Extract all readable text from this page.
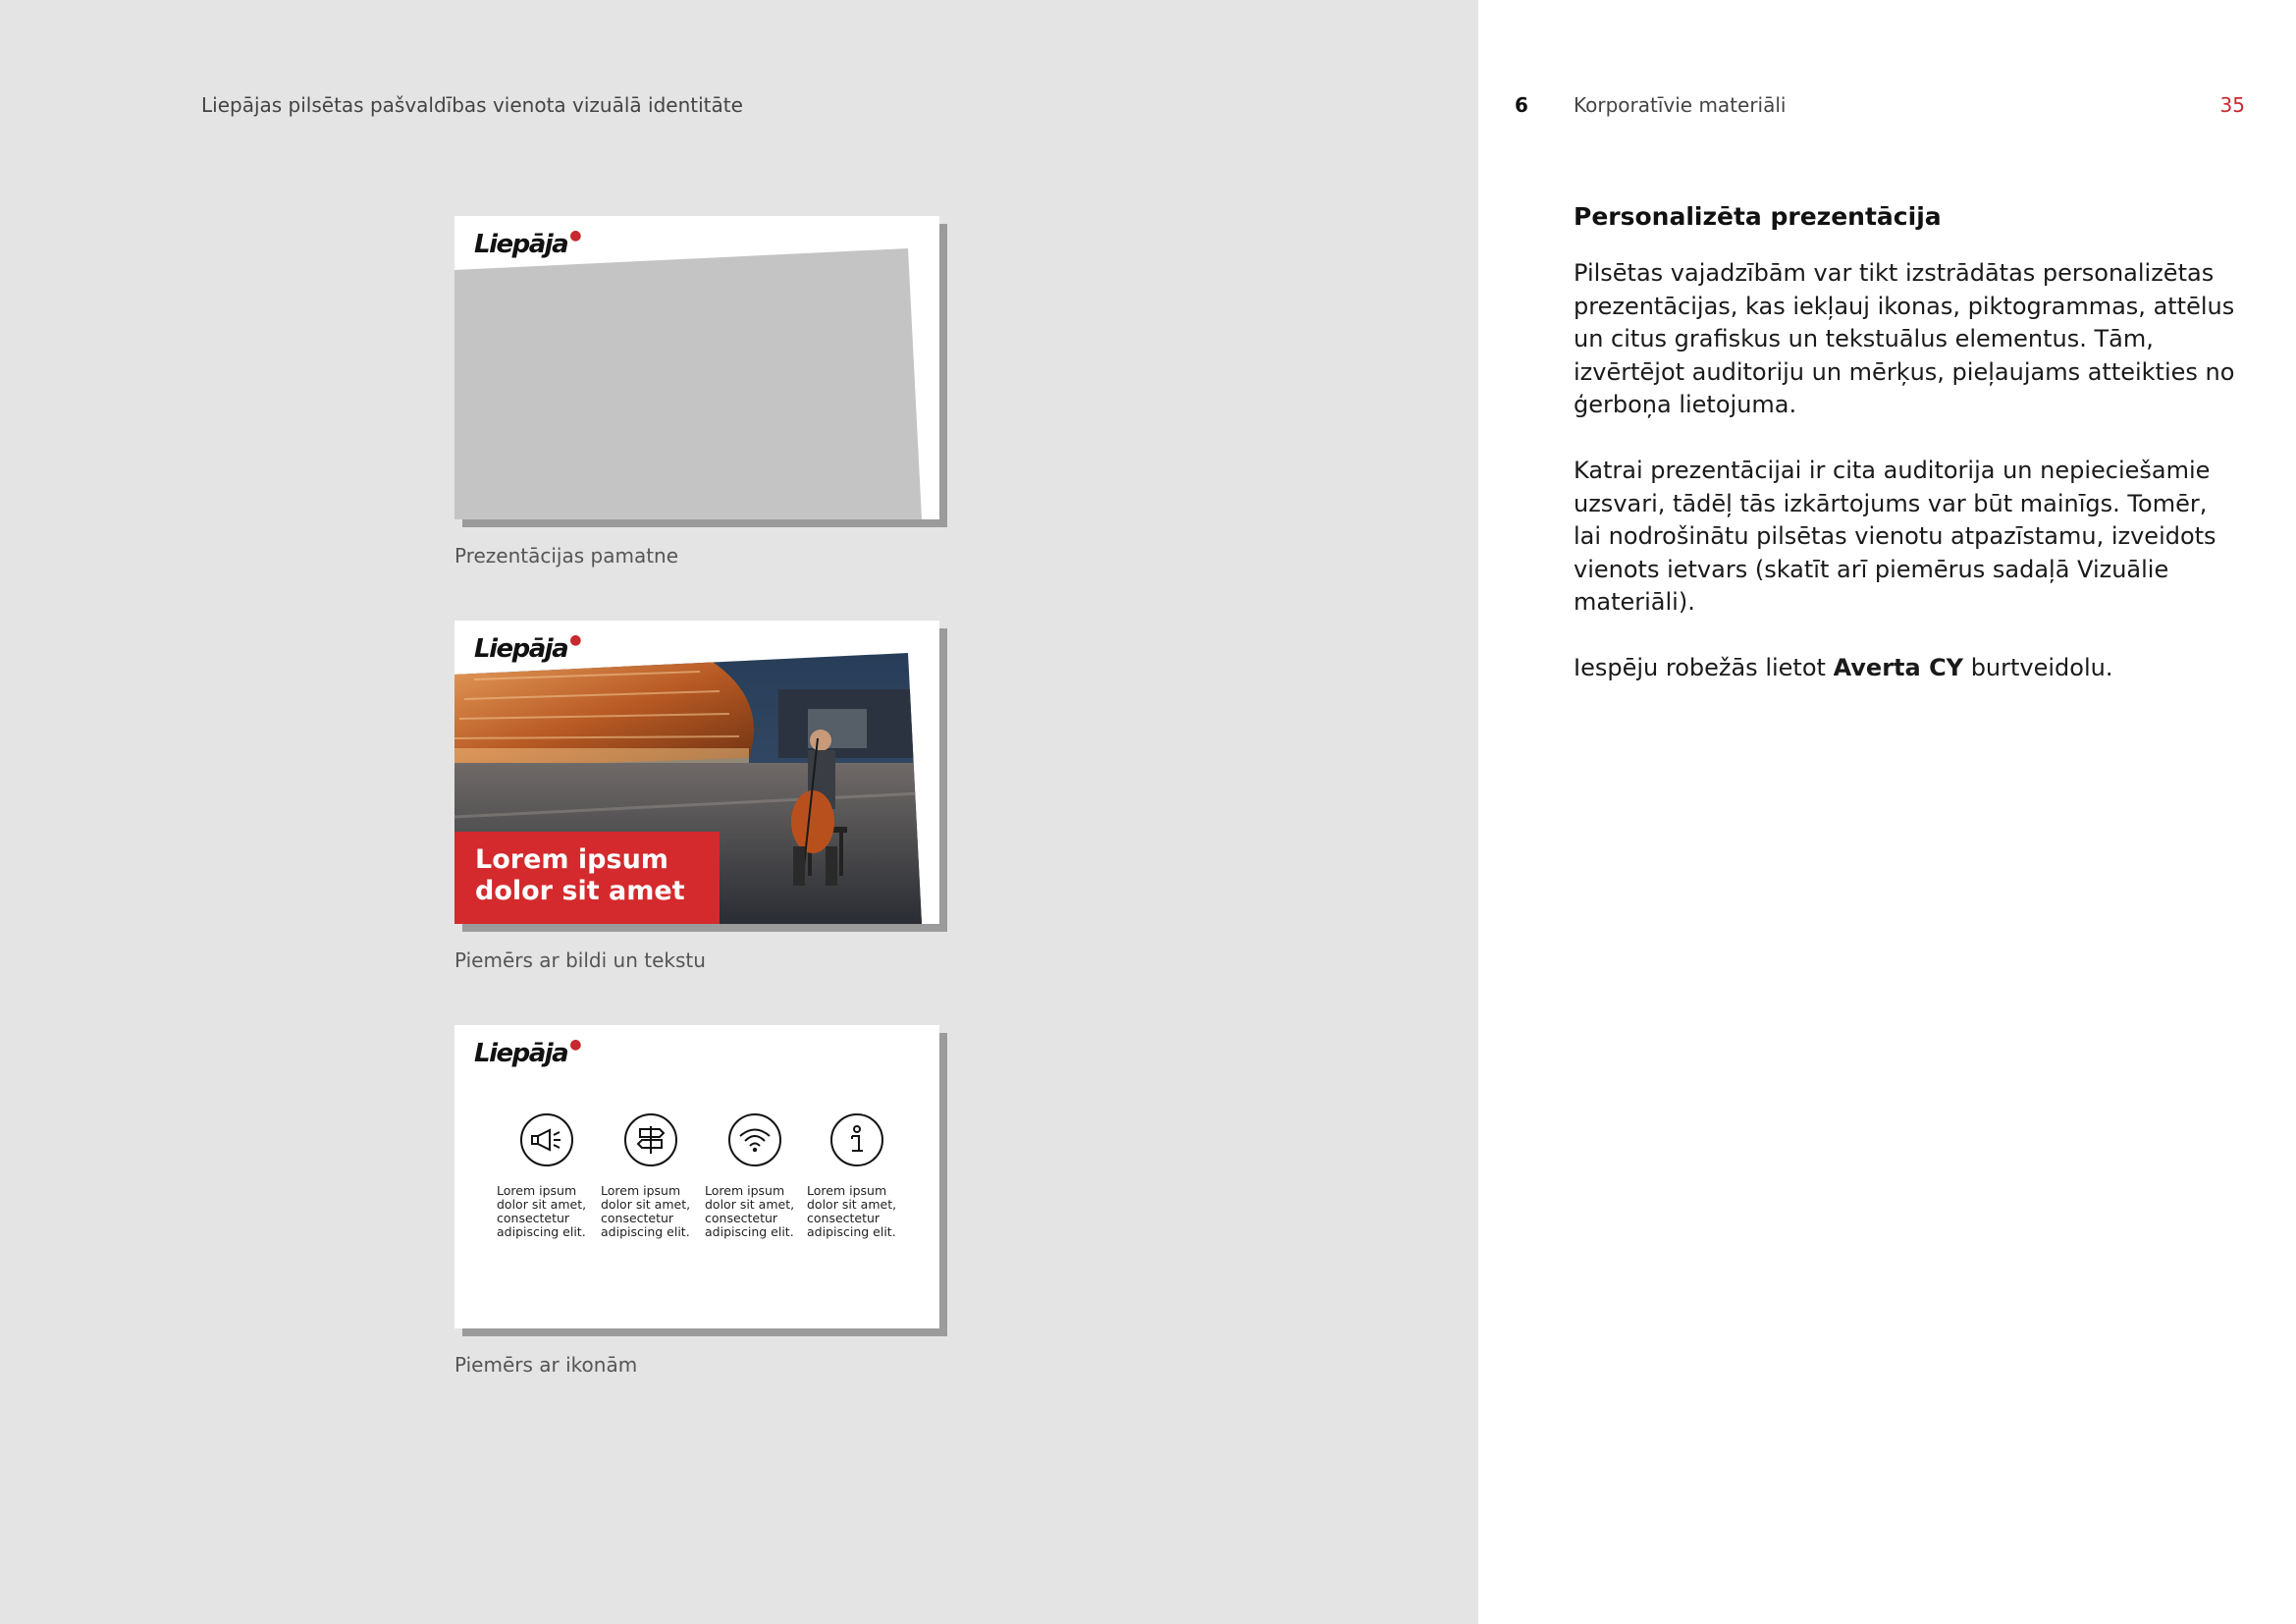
Liepājas pilsētas pašvaldības vienota vizuālā identitāte	6 Korporatīvie materiāli	35
Liepāja ●
Prezentācijas pamatne
Liepāja ●
Lorem ipsum
dolor sit amet
Piemērs ar bildi un tekstu
Liepāja ●
Lorem ipsum
dolor sit amet,
consectetur
adipiscing elit.
Lorem ipsum
dolor sit amet,
consectetur
adipiscing elit.
Lorem ipsum
dolor sit amet,
consectetur
adipiscing elit.
Lorem ipsum
dolor sit amet,
consectetur
adipiscing elit.
Piemērs ar ikonām
Personalizēta prezentācija

Pilsētas vajadzībām var tikt izstrādātas personalizētas prezentācijas, kas iekļauj ikonas, piktogrammas, attēlus un citus grafiskus un tekstuālus elementus. Tām, izvērtējot auditoriju un mērķus, pieļaujams atteikties no ģerboņa lietojuma.

Katrai prezentācijai ir cita auditorija un nepieciešamie uzsvari, tādēļ tās izkārtojums var būt mainīgs. Tomēr, lai nodrošinātu pilsētas vienotu atpazīstamu, izveidots vienots ietvars (skatīt arī piemērus sadaļā Vizuālie materiāli).

Iespēju robežās lietot Averta CY burtveidolu.
